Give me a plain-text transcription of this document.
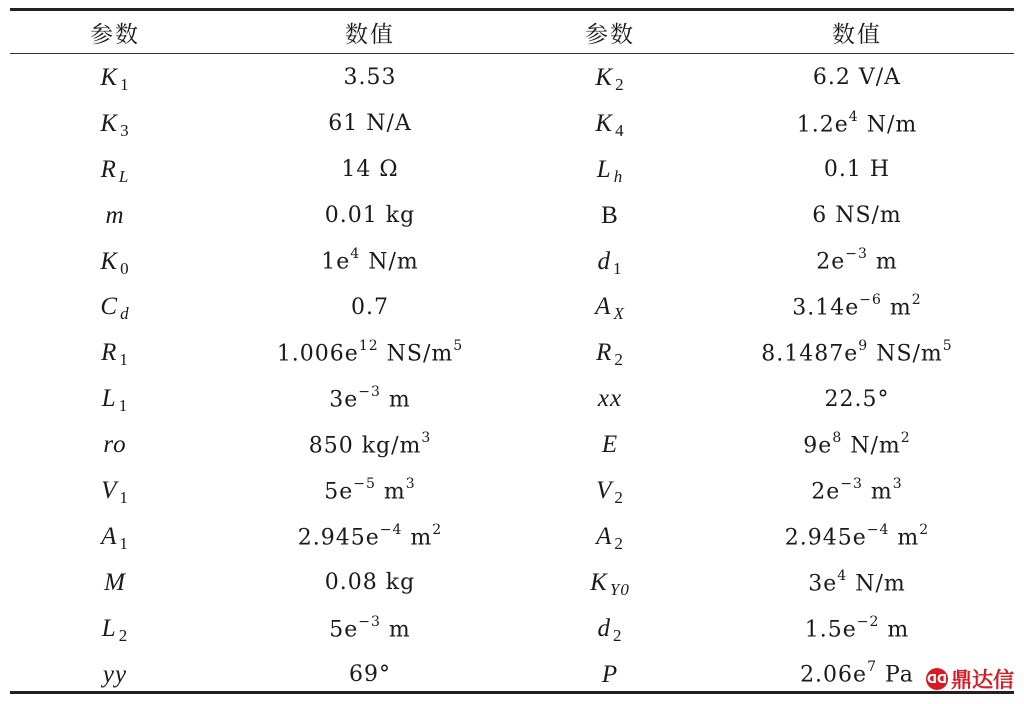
参数	数值	参数	数值
K $_1$	3.53	K $_2$	6.2 V/A
K $_3$	61 N/A	K $_4$	$1.2e^4$ N/m
R $_L$	14 Ω	L $_h$	0.1 H
m	0.01 kg	B	6 NS/m
K $_0$	$1e^4$ N/m	d $_1$	$2e^{-3}$ m
C $_d$	0.7	A $_X$	$3.14e^{-6}$ $m^2$
R $_1$	$1.006e^{12}$ $NS/m^5$	R $_2$	$8.1487e^9$ $NS/m^5$
L $_1$	$3e^{-3}$ m	xx	22.5°
ro	850 $kg/m^3$	E	$9e^8$ $N/m^2$
V $_1$	$5e^{-5}$ $m^3$	V $_2$	$2e^{-3}$ $m^3$
A $_1$	$2.945e^{-4}$ $m^2$	A $_2$	$2.945e^{-4}$ $m^2$
M	0.08 kg	K $_{Y0}$	$3e^4$ N/m
L $_2$	$5e^{-3}$ m	d $_2$	$1.5e^{-2}$ m
yy	69°	P	$2.06e^7$ Pa	ᗡᗡ 鼎达信
